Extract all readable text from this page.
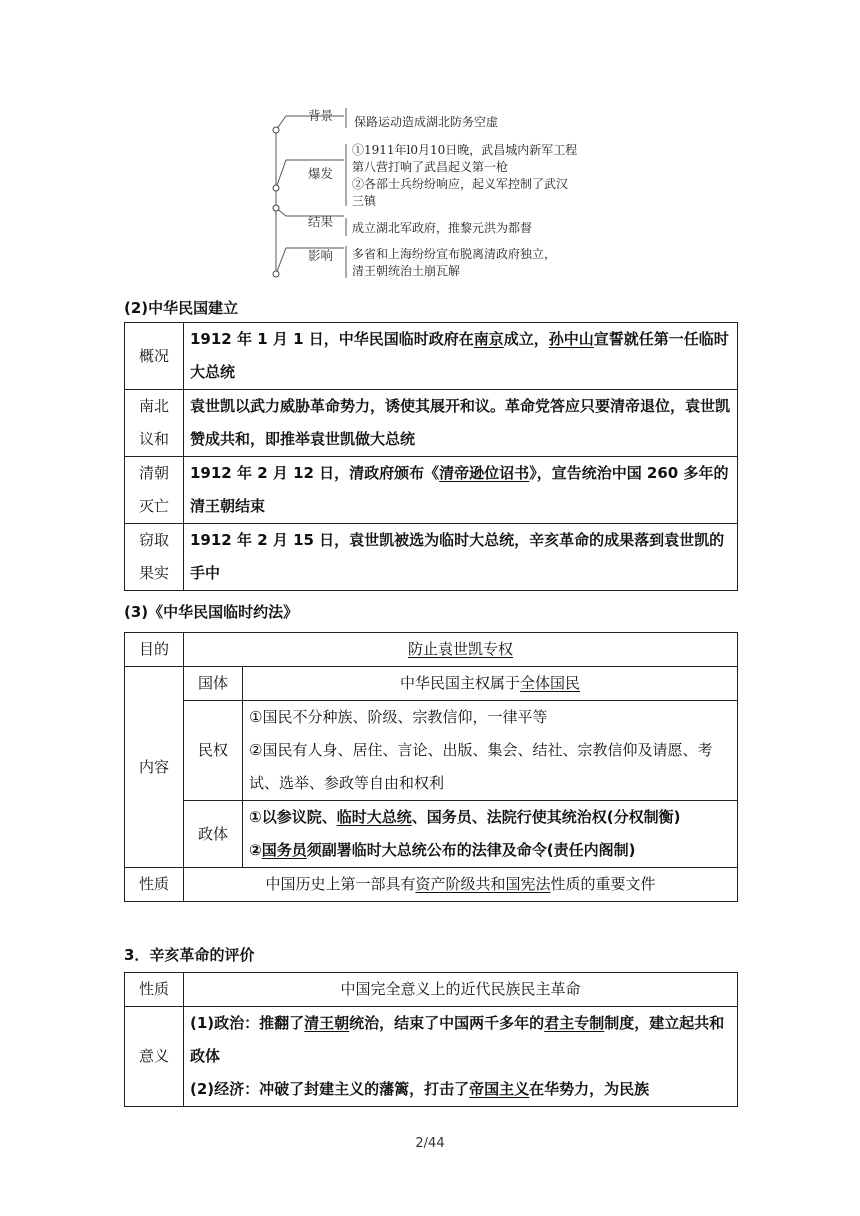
背景 保路运动造成湖北防务空虚
爆发
①1911年l0月10日晚，武昌城内新军工程
第八营打响了武昌起义第一枪
②各部士兵纷纷响应，起义军控制了武汉
三镇
结果 成立湖北军政府，推黎元洪为都督
影响 多省和上海纷纷宣布脱离清政府独立，
清王朝统治土崩瓦解
(2)中华民国建立
概况	1912 年 1 月 1 日，中华民国临时政府在南京成立，孙中山宣誓就任第一任临时大总统

南北
议和	袁世凯以武力威胁革命势力，诱使其展开和议。革命党答应只要清帝退位，袁世凯赞成共和，即推举袁世凯做大总统

清朝
灭亡	1912 年 2 月 12 日，清政府颁布《清帝逊位诏书》，宣告统治中国 260 多年的清王朝结束

窃取
果实	1912 年 2 月 15 日，袁世凯被选为临时大总统，辛亥革命的成果落到袁世凯的手中
(3)《中华民国临时约法》
目的	防止袁世凯专权	
内容	国体	中华民国主权属于全体国民
	民权	①国民不分种族、阶级、宗教信仰，一律平等
②国民有人身、居住、言论、出版、集会、结社、宗教信仰及请愿、考试、选举、参政等自由和权利

	政体	①以参议院、临时大总统、国务员、法院行使其统治权(分权制衡)
②国务员须副署临时大总统公布的法律及命令(责任内阁制)

性质	中国历史上第一部具有资产阶级共和国宪法性质的重要文件	
3．辛亥革命的评价
性质	中国完全意义上的近代民族民主革命
意义	(1)政治：推翻了清王朝统治，结束了中国两千多年的君主专制制度，建立起共和政体
(2)经济：冲破了封建主义的藩篱，打击了帝国主义在华势力，为民族
2/44
